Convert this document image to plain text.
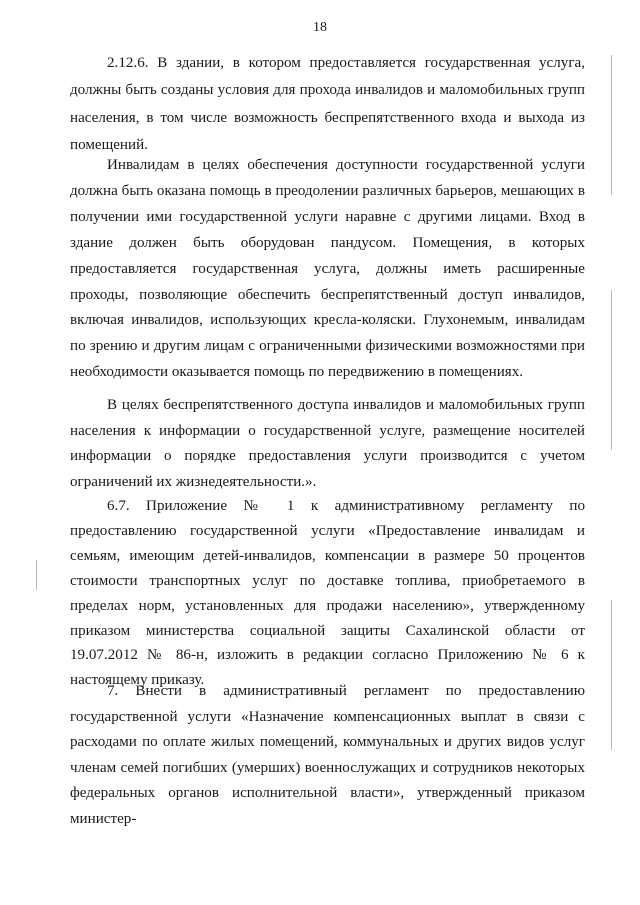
18

2.12.6. В здании, в котором предоставляется государственная услуга, должны быть созданы условия для прохода инвалидов и маломобильных групп населения, в том числе возможность беспрепятственного входа и выхода из помещений.

Инвалидам в целях обеспечения доступности государственной услуги должна быть оказана помощь в преодолении различных барьеров, мешающих в получении ими государственной услуги наравне с другими лицами. Вход в здание должен быть оборудован пандусом. Помещения, в которых предоставляется государственная услуга, должны иметь расширенные проходы, позволяющие обеспечить беспрепятственный доступ инвалидов, включая инвалидов, использующих кресла-коляски. Глухонемым, инвалидам по зрению и другим лицам с ограниченными физическими возможностями при необходимости оказывается помощь по передвижению в помещениях.

В целях беспрепятственного доступа инвалидов и маломобильных групп населения к информации о государственной услуге, размещение носителей информации о порядке предоставления услуги производится с учетом ограничений их жизнедеятельности.».

6.7. Приложение № 1 к административному регламенту по предоставлению государственной услуги «Предоставление инвалидам и семьям, имеющим детей-инвалидов, компенсации в размере 50 процентов стоимости транспортных услуг по доставке топлива, приобретаемого в пределах норм, установленных для продажи населению», утвержденному приказом министерства социальной защиты Сахалинской области от 19.07.2012 № 86-н, изложить в редакции согласно Приложению № 6 к настоящему приказу.

7. Внести в административный регламент по предоставлению государственной услуги «Назначение компенсационных выплат в связи с расходами по оплате жилых помещений, коммунальных и других видов услуг членам семей погибших (умерших) военнослужащих и сотрудников некоторых федеральных органов исполнительной власти», утвержденный приказом министер-
